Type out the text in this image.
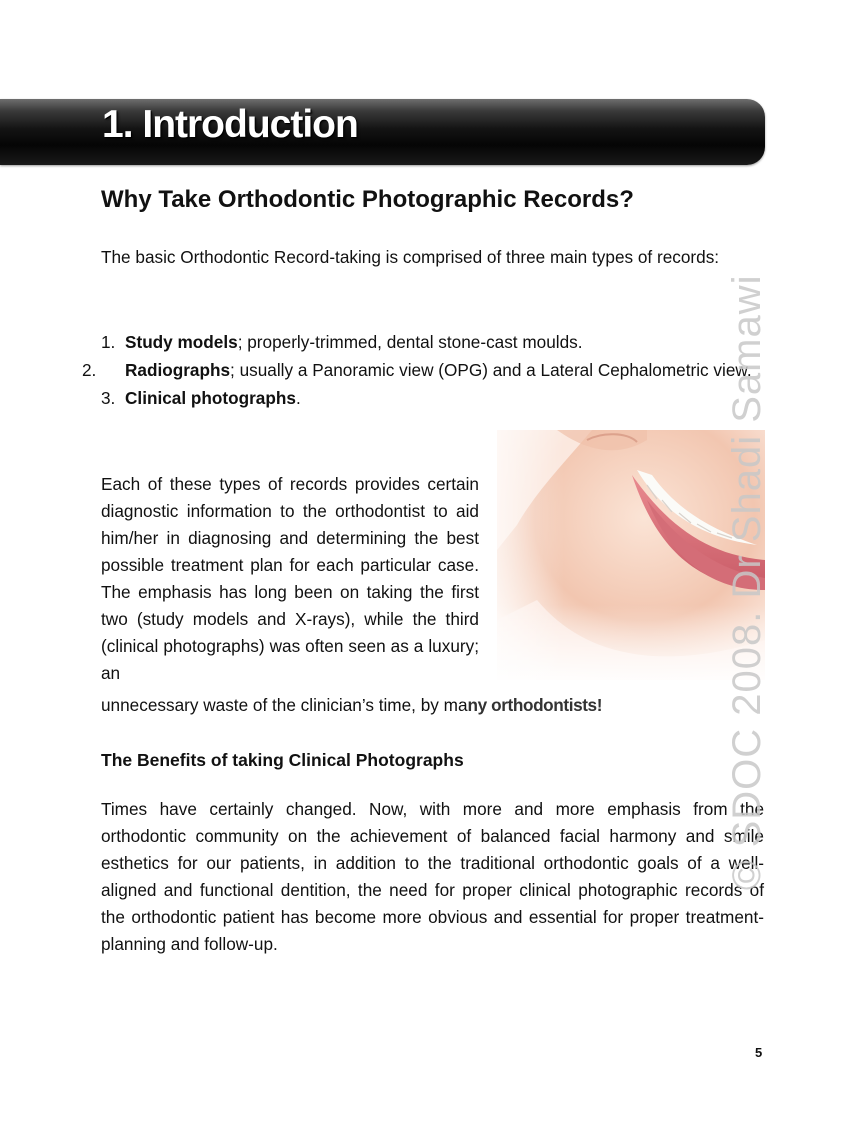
1. Introduction
Why Take Orthodontic Photographic Records?

The basic Orthodontic Record-taking is comprised of three main types of records:

1. Study models; properly-trimmed, dental stone-cast moulds.
2. Radiographs; usually a Panoramic view (OPG) and a Lateral Cephalometric view.
3. Clinical photographs.

Each of these types of records provides certain diagnostic information to the orthodontist to aid him/her in diagnosing and determining the best possible treatment plan for each particular case. The emphasis has long been on taking the first two (study models and X-rays), while the third (clinical photographs) was often seen as a luxury; an

unnecessary waste of the clinician’s time, by many orthodontists!

The Benefits of taking Clinical Photographs

Times have certainly changed. Now, with more and more emphasis from the orthodontic community on the achievement of balanced facial harmony and smile esthetics for our patients, in addition to the traditional orthodontic goals of a well-aligned and functional dentition, the need for proper clinical photographic records of the orthodontic patient has become more obvious and essential for proper treatment-planning and follow-up.

© SDOC 2008. Dr Shadi Samawi
5
